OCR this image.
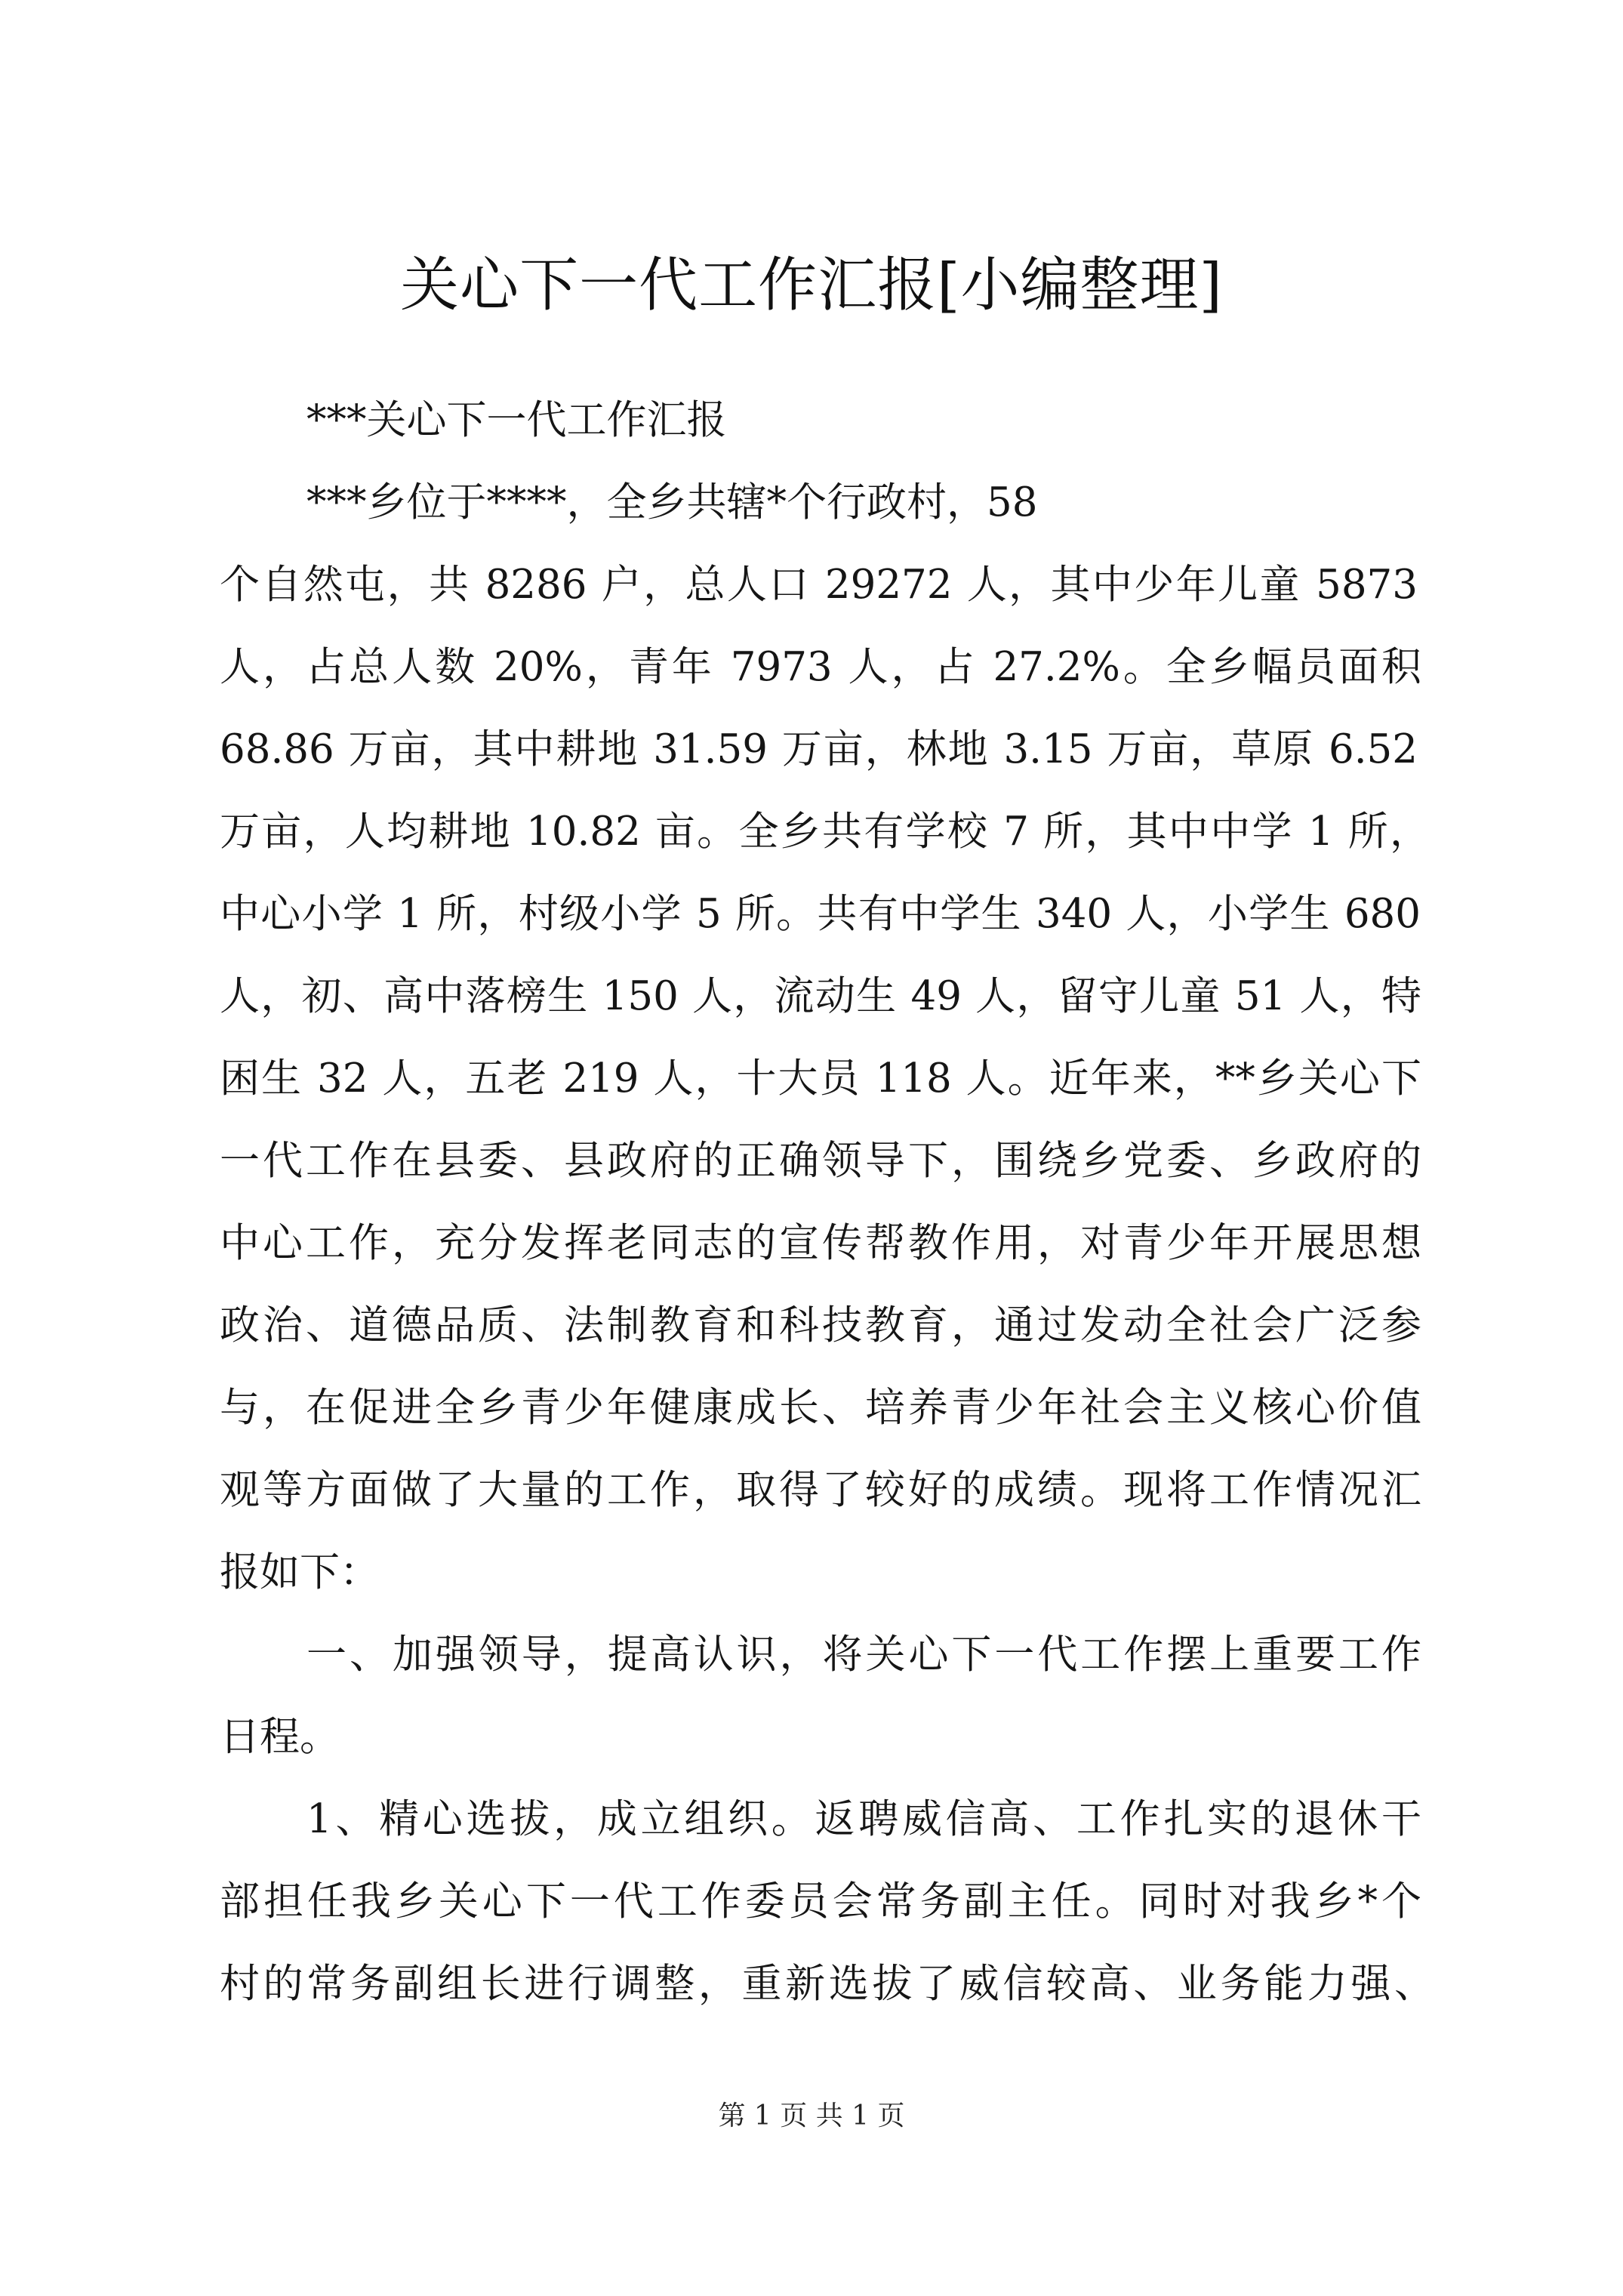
关心下一代工作汇报[小编整理]
***关心下一代工作汇报
***乡位于****，全乡共辖*个行政村，58
个自然屯，共 8286 户，总人口 29272 人，其中少年儿童 5873
人，占总人数 20%，青年 7973 人，占 27.2%。全乡幅员面积
68.86 万亩，其中耕地 31.59 万亩，林地 3.15 万亩，草原 6.52
万亩，人均耕地 10.82 亩。全乡共有学校 7 所，其中中学 1 所，
中心小学 1 所，村级小学 5 所。共有中学生 340 人，小学生 680
人，初、高中落榜生 150 人，流动生 49 人，留守儿童 51 人，特
困生 32 人，五老 219 人，十大员 118 人。近年来，**乡关心下
一代工作在县委、县政府的正确领导下，围绕乡党委、乡政府的
中心工作，充分发挥老同志的宣传帮教作用，对青少年开展思想
政治、道德品质、法制教育和科技教育，通过发动全社会广泛参
与，在促进全乡青少年健康成长、培养青少年社会主义核心价值
观等方面做了大量的工作，取得了较好的成绩。现将工作情况汇
报如下：
一、加强领导，提高认识，将关心下一代工作摆上重要工作
日程。
1、精心选拔，成立组织。返聘威信高、工作扎实的退休干
部担任我乡关心下一代工作委员会常务副主任。同时对我乡*个
村的常务副组长进行调整，重新选拔了威信较高、业务能力强、
第 1 页 共 1 页
